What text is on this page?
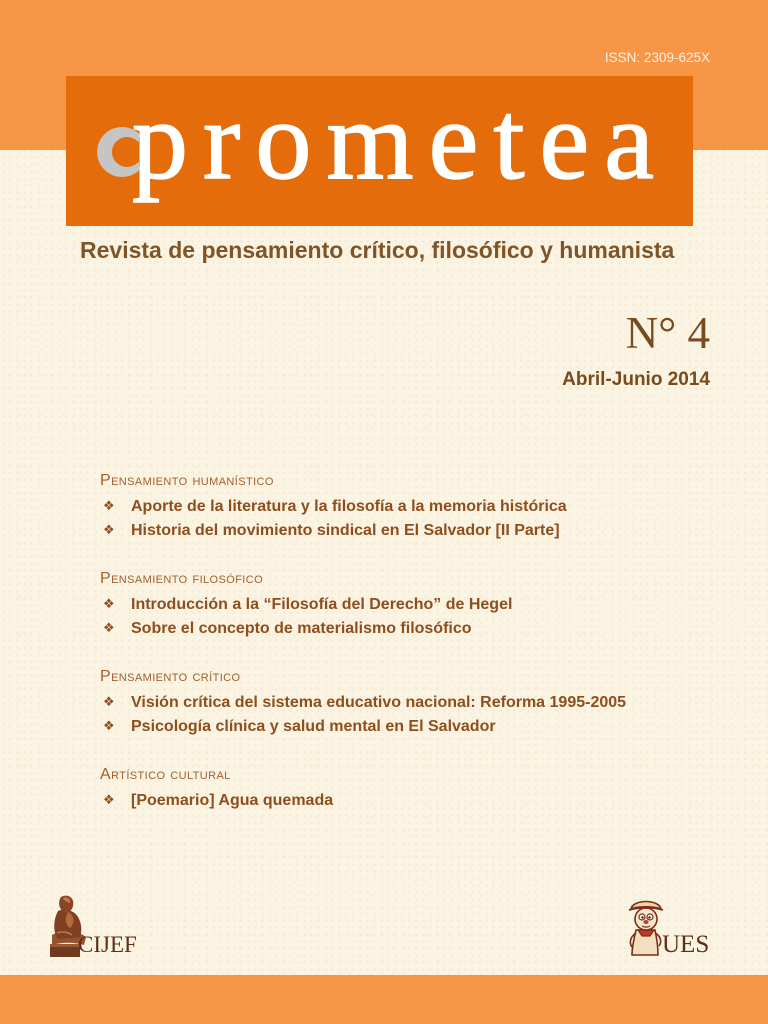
ISSN: 2309-625X
prometea
Revista de pensamiento crítico, filosófico y humanista
N° 4
Abril-Junio 2014
Pensamiento humanístico
❖
Aporte de la literatura y la filosofía a la memoria histórica
❖
Historia del movimiento sindical en El Salvador [II Parte]
Pensamiento filosófico
❖
Introducción a la “Filosofía del Derecho” de Hegel
❖
Sobre el concepto de materialismo filosófico
Pensamiento crítico
❖
Visión crítica del sistema educativo nacional: Reforma 1995-2005
❖
Psicología clínica y salud mental en El Salvador
Artístico cultural
❖
[Poemario] Agua quemada
CIJEF	UES
